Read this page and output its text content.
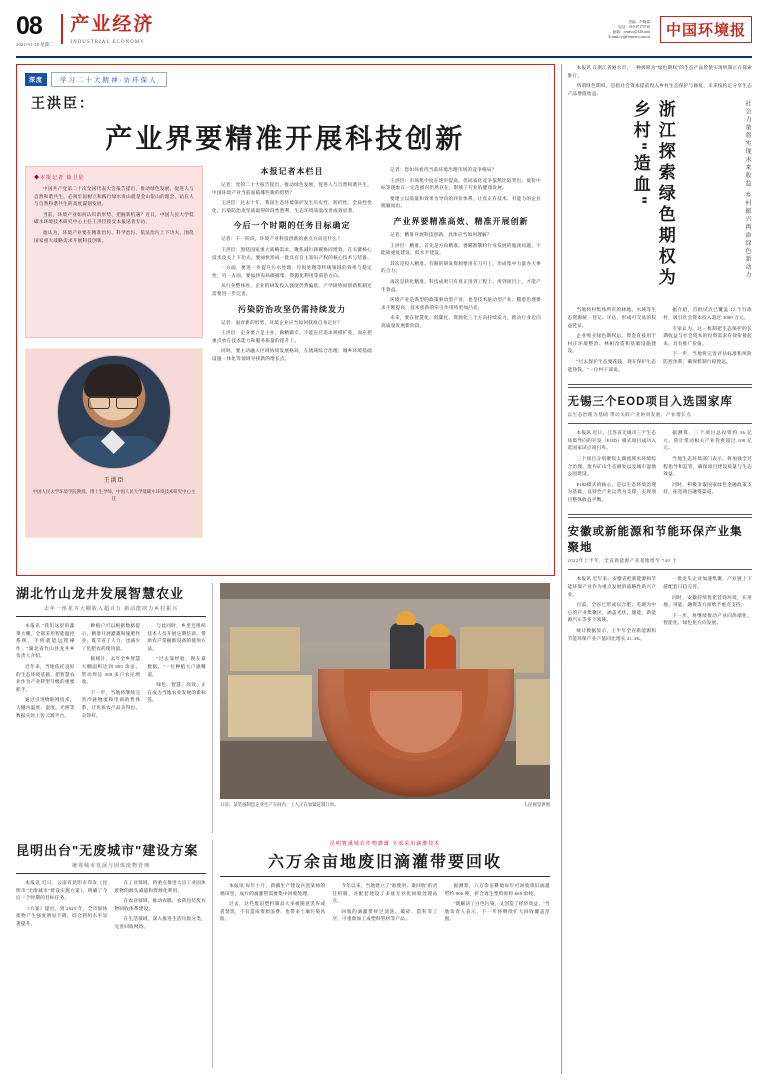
08
2022-01-18 星期二
产业经济
INDUSTRIAL ECONOMY
责编：芦晓春
电话：010-67175716
邮箱：cenews@126.com
E-mail:cyjj@cenews.com.cn	中国环境报
深度	学习二十大精神·访环保人
王洪臣：
产业界要精准开展科技创新
◆本报记者 徐卫星

中国共产党第二十次全国代表大会报告提出，推动绿色发展，促进人与自然和谐共生。必须牢固树立和践行绿水青山就是金山银山的理念，站在人与自然和谐共生的高度谋划发展。

当前，环境产业如何认识新形势、把握新机遇？近日，中国人民大学低碳水环境技术研究中心主任王洪臣接受本报记者专访。

他认为，环境产业要在精准治污、科学治污、依法治污上下功夫，围绕国家重大战略需求开展科技创新。

王洪臣
中国人民大学环境学院教授、博士生导师，中国人民大学低碳水环境技术研究中心主任
本报记者本栏目

记者：党的二十大报告提出，推动绿色发展，促进人与自然和谐共生。中国环境产业当前面临哪些新的形势？

王洪臣：过去十年，我国生态环境保护发生历史性、转折性、全局性变化，污染防治攻坚战取得阶段性胜利，生态环境质量改善成效显著。

今后一个时期的任务目标确定

记者：下一阶段，环境产业科技创新的重点方向是什么？

王洪臣：围绕国家重大战略需求，聚焦减污降碳协同增效，在关键核心技术攻关上下功夫。要加快形成一批具有自主知识产权的核心技术与装备。

一方面，要进一步提升污水处理、垃圾处理等传统领域的效率与稳定性；另一方面，要加快布局碳捕集、资源化利用等前沿方向。

从行业整体看，企业的研发投入强度仍然偏低，产学研协同创新机制还需要进一步完善。

污染防治攻坚仍需持续发力

记者：面对新的形势，环境企业应当如何找准自身定位？

王洪臣：企业要立足主业，做精做专。不能盲目追求规模扩张，而应把重点放在技术能力和服务质量的提升上。

同时，要主动融入区域协同发展格局，在流域综合治理、城乡环境基础设施一体化等领域寻找新的增长点。

记者：您如何看待当前环境治理市场的竞争格局？

王洪臣：市场集中度在逐步提高，但同质化竞争依然比较突出。低价中标等现象在一定范围内仍然存在，影响了行业的健康发展。

要建立以质量和效果为导向的评价体系，让真正有技术、有能力的企业脱颖而出。

产业界要精准高效、精准开展创新

记者：精准开展科技创新，具体应当如何理解？

王洪臣：精准，首先是方向精准。要瞄准制约行业发展的瓶颈问题，不能搞重复建设、低水平建设。

其次是投入精准。有限的研发资源要用在刀刃上，形成集中力量办大事的合力。

再次是转化精准。科技成果只有真正用到工程上、用到项目上，才能产生效益。

环境产业是典型的政策驱动型产业，也是技术驱动型产业。随着治理要求不断提高，技术创新的牵引作用将更加凸显。

未来，要在智慧化、低碳化、资源化三个方向持续发力，推动行业迈向高质量发展新阶段。

湖北竹山龙井发展智慧农业
去年一座花卉大棚收入超百万 新动能助力乡村振兴

本报讯 "我们这里的蔬菜大棚，全部采用智能温控系统，手机就能远程操作。"湖北省竹山县龙井乡负责人介绍。

近年来，当地依托良好的生态环境基础，把智慧农业作为产业转型升级的重要抓手。

通过引进物联网技术，大棚内温度、湿度、光照等数据实时上传云端平台。

种植户可以根据数据提示，精准开展灌溉和施肥作业，既节省了人力，也减少了化肥农药使用量。

据统计，去年全乡智慧大棚面积达到 800 余亩，带动周边 300 多户农民增收。

下一步，当地将继续完善冷链物流和电商销售体系，让优质农产品卖得出、卖得好。

与此同时，乡里还组织技术人员开展定期培训，帮助农户掌握新设备的使用方法。

"过去靠经验，现在靠数据。"一位种植大户感慨道。

绿色、智慧、高效，正在成为当地农业发展的新标签。

日前，某装备制造企业生产车间内，工人正在加紧赶制订单。	人民视觉供图
昆明出台"无废城市"建设方案
统筹城市发展与固体废物管理

本报讯 近日，云南省昆明市印发《昆明市"无废城市"建设实施方案》，明确了今后一个时期的目标任务。

《方案》提出，到 2025 年，全市固体废物产生强度明显下降，综合利用水平显著提升。

在工业领域，将重点推进大宗工业固体废物的源头减量和资源化利用。

在农业领域，推动农膜、农药包装废弃物回收体系建设。

在生活领域，深入推进生活垃圾分类，完善回收网络。

昆明曹溪城农作物灌溉 全部采用滴灌技术
六万余亩地废旧滴灌带要回收

本报讯 每年十月，新疆生产建设兵团某师的棉田里，成片的滴灌带需要集中回收处理。

过去，这些废旧塑料制品大多被随意丢弃或者焚烧，不仅造成资源浪费，也带来土壤污染风险。

今年以来，当地建立了"谁使用、谁回收"的责任机制，并配套建设了多座专业化回收处理站点。

回收的滴灌带经过清洗、破碎、造粒等工序，可重新加工成塑料管材等产品。

据测算，六万余亩耕地每年可回收废旧滴灌带约 900 吨，折合再生塑料原料 600 余吨。

"既解决了白色污染，又创造了经济效益。"当地负责人表示，下一步将继续扩大回收覆盖范围。

本报讯 在浙江省丽水市，一种被称为"绿色期权"的生态产品价值实现机制正在探索推行。

所谓绿色期权，是指社会资本提前投入乡村生态保护与修复，未来按约定分享生态产品增值收益。

浙江探索绿色期权为乡村"造血"	社会力量将实现未来收益 乡村振兴再添绿色新动力

当地将村集体所有的林地、水域等生态资源统一登记、评估，形成可交易的权益凭证。

企业购买绿色期权后，资金直接用于村庄环境整治、林相改造和基础设施建设。

"过去保护生态要花钱，现在保护生态能挣钱。"一位村干部说。

据介绍，首批试点已覆盖 12 个行政村，吸引社会资本投入超过 3000 万元。

专家认为，这一机制把生态保护的长期收益与社会资本的投资需求有效衔接起来，具有推广价值。

下一步，当地将完善评估标准和风险防控体系，确保机制行稳致远。

无锡三个EOD项目入选国家库
以生态治理为基础 带动关联产业协同发展、产业增长点

本报讯 近日，江苏省无锡市三个生态环境导向的开发（EOD）模式项目成功入选国家试点项目库。

三个项目分别聚焦太湖流域水环境综合治理、废弃矿山生态修复以及城市湿地公园建设。

EOD模式的核心，是以生态环境治理为基础，以特色产业运营为支撑，实现项目整体收益平衡。

据测算，三个项目总投资约 56 亿元，预计带动相关产业投资超过 100 亿元。

当地生态环境部门表示，将加强全过程指导和监管，确保项目建设质量与生态效益。

同时，积极争取国家绿色金融政策支持，拓宽项目融资渠道。

安徽或新能源和节能环保产业集聚地
2022年上半年，全省新能源产业基地增至 740 个

本报讯 近年来，安徽省把新能源和节能环保产业作为重点发展的战略性新兴产业。

目前，全省已形成以合肥、芜湖为中心的产业集聚区，涵盖光伏、储能、新能源汽车等多个领域。

统计数据显示，上半年全省新能源和节能环保产业产值同比增长 21.3%。

一批龙头企业加速集聚，产业链上下游配套日趋完善。

同时，安徽持续优化营商环境，在用地、用能、融资等方面给予重点支持。

下一步，将继续推动产业向高端化、智能化、绿色化方向发展。
